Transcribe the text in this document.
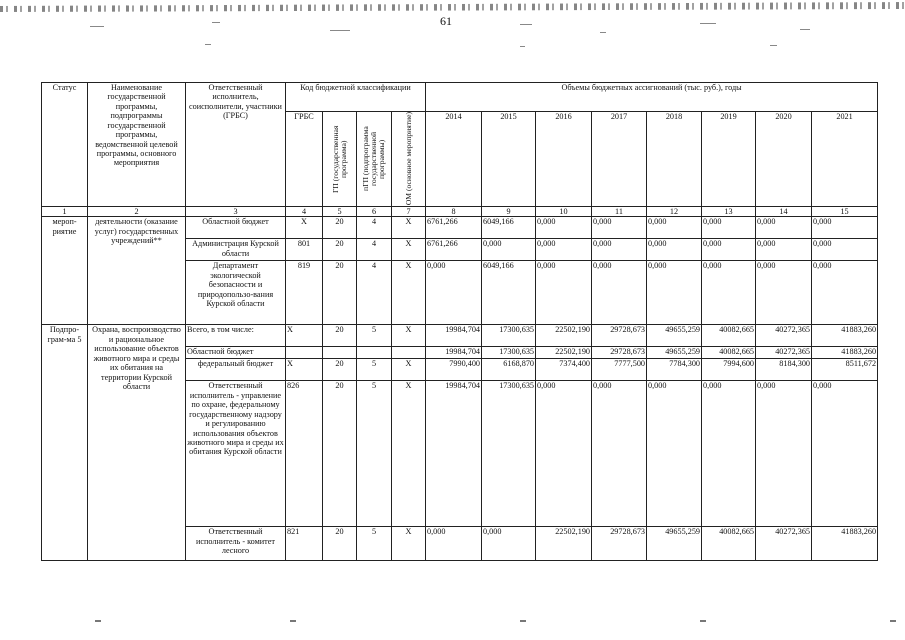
61
Статус	Наименование государственной программы, подпрограммы государственной программы, ведомственной целевой программы, основного мероприятия	Ответственный исполнитель, соисполнители, участники (ГРБС)	Код бюджетной классификации				Объемы бюджетных ассигнований (тыс. руб.), годы							
			ГРБС	ГП (государственная программа)	пГП (подпрограмма государственной программы)	ОМ (основное мероприятие)	2014	2015	2016	2017	2018	2019	2020	2021
1	2	3	4	5	6	7	8	9	10	11	12	13	14	15
мероп-риятие	деятельности (оказание услуг) государственных учреждений**	Областной бюджет	X	20	4	X	6761,266	6049,166	0,000	0,000	0,000	0,000	0,000	0,000
		Администрация Курской области	801	20	4	X	6761,266	0,000	0,000	0,000	0,000	0,000	0,000	0,000
		Департамент экологической безопасности и природопользо-вания Курской области	819	20	4	X	0,000	6049,166	0,000	0,000	0,000	0,000	0,000	0,000
Подпро-грам-ма 5	Охрана, воспроизводство и рациональное использование объектов животного мира и среды их обитания на территории Курской области	Всего, в том числе:	X	20	5	X	19984,704	17300,635	22502,190	29728,673	49655,259	40082,665	40272,365	41883,260
		Областной бюджет					19984,704	17300,635	22502,190	29728,673	49655,259	40082,665	40272,365	41883,260
		федеральный бюджет	X	20	5	X	7990,400	6168,870	7374,400	7777,500	7784,300	7994,600	8184,300	8511,672
		Ответственный исполнитель - управление по охране, федеральному государственному надзору и регулированию использования объектов животного мира и среды их обитания Курской области	826	20	5	X	19984,704	17300,635	0,000	0,000	0,000	0,000	0,000	0,000
		Ответственный исполнитель - комитет лесного	821	20	5	X	0,000	0,000	22502,190	29728,673	49655,259	40082,665	40272,365	41883,260
